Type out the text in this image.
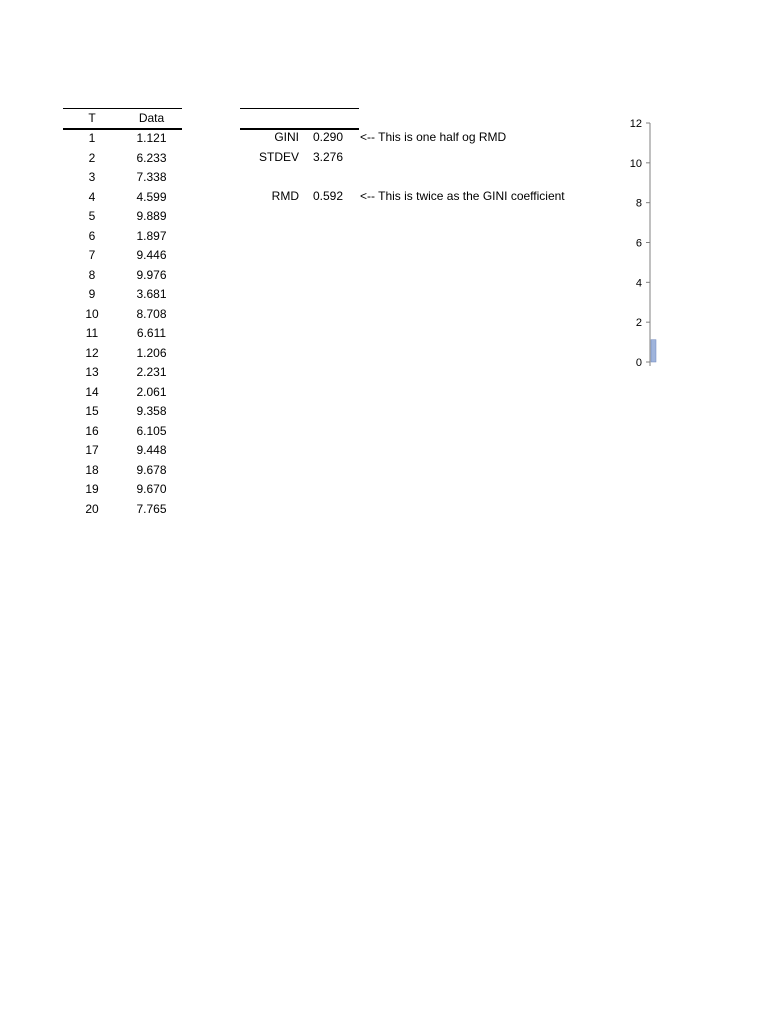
T	Data
1	1.121
2	6.233
3	7.338
4	4.599
5	9.889
6	1.897
7	9.446
8	9.976
9	3.681
10	8.708
11	6.611
12	1.206
13	2.231
14	2.061
15	9.358
16	6.105
17	9.448
18	9.678
19	9.670
20	7.765
GINI 0.290	<-- This is one half og RMD
STDEV 3.276
RMD 0.592	<-- This is twice as the GINI coefficient
0
2
4
6
8
10
12
